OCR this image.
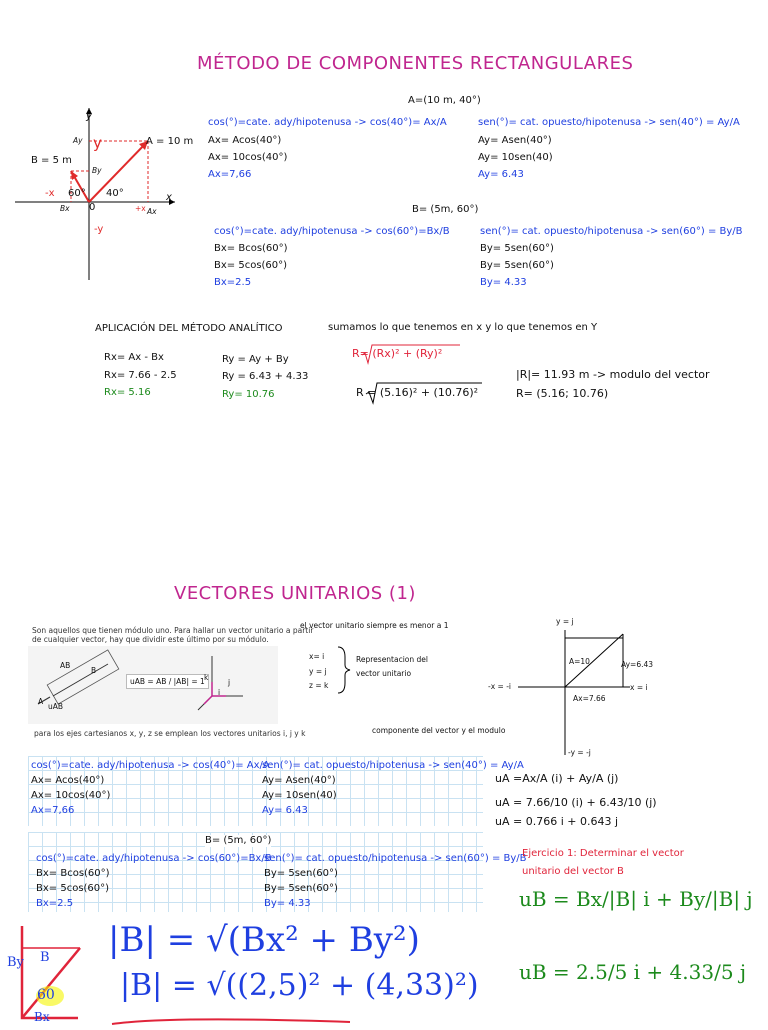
MÉTODO DE COMPONENTES RECTANGULARES
y
y
x
A = 10 m
B = 5 m
Ay
By
-x 60° 40°
Bx 0	+x Ax
-y
A=(10 m, 40°)
cos(°)=cate. ady/hipotenusa -> cos(40°)= Ax/A
Ax= Acos(40°)
Ax= 10cos(40°)
Ax=7,66
sen(°)= cat. opuesto/hipotenusa -> sen(40°) = Ay/A
Ay= Asen(40°)
Ay= 10sen(40)
Ay= 6.43
B= (5m, 60°)
cos(°)=cate. ady/hipotenusa -> cos(60°)=Bx/B
Bx= Bcos(60°)
Bx= 5cos(60°)
Bx=2.5
sen(°)= cat. opuesto/hipotenusa -> sen(60°) = By/B
By= 5sen(60°)
By= 5sen(60°)
By= 4.33
APLICACIÓN DEL MÉTODO ANALÍTICO	sumamos lo que tenemos en x y lo que tenemos en Y
Rx= Ax - Bx
Rx= 7.66 - 2.5
Rx= 5.16
Ry = Ay + By
Ry = 6.43 + 4.33
Ry= 10.76
R= (Rx)² + (Ry)²
R = (5.16)² + (10.76)²
|R|= 11.93 m -> modulo del vector
R= (5.16; 10.76)
VECTORES UNITARIOS (1)
Son aquellos que tienen módulo uno. Para hallar un vector unitario a partir
de cualquier vector, hay que dividir este último por su módulo.
AB
B
A
uAB
uAB = AB / |AB| = 1 k
j
i
para los ejes cartesianos x, y, z se emplean los vectores unitarios i, j y k
el vector unitario siempre es menor a 1
x= i
y = j
z = k
Representacion del
vector unitario
componente del vector y el modulo
y = j
-x = -i	x = i
-y = -j
A=10	Ay=6.43
Ax=7.66
cos(°)=cate. ady/hipotenusa -> cos(40°)= Ax/A
Ax= Acos(40°)
Ax= 10cos(40°)
Ax=7,66
sen(°)= cat. opuesto/hipotenusa -> sen(40°) = Ay/A
Ay= Asen(40°)
Ay= 10sen(40)
Ay= 6.43
B= (5m, 60°)
cos(°)=cate. ady/hipotenusa -> cos(60°)=Bx/B
Bx= Bcos(60°)
Bx= 5cos(60°)
Bx=2.5
sen(°)= cat. opuesto/hipotenusa -> sen(60°) = By/B
By= 5sen(60°)
By= 5sen(60°)
By= 4.33
uA =Ax/A (i) + Ay/A (j)
uA = 7.66/10 (i) + 6.43/10 (j)
uA = 0.766 i + 0.643 j
Ejercicio 1: Determinar el vector
unitario del vector B
|B| = √(Bx² + By²)
|B| = √((2,5)² + (4,33)²)
uB = Bx/|B| i + By/|B| j
uB = 2.5/5 i + 4.33/5 j
By B
60
Bx
